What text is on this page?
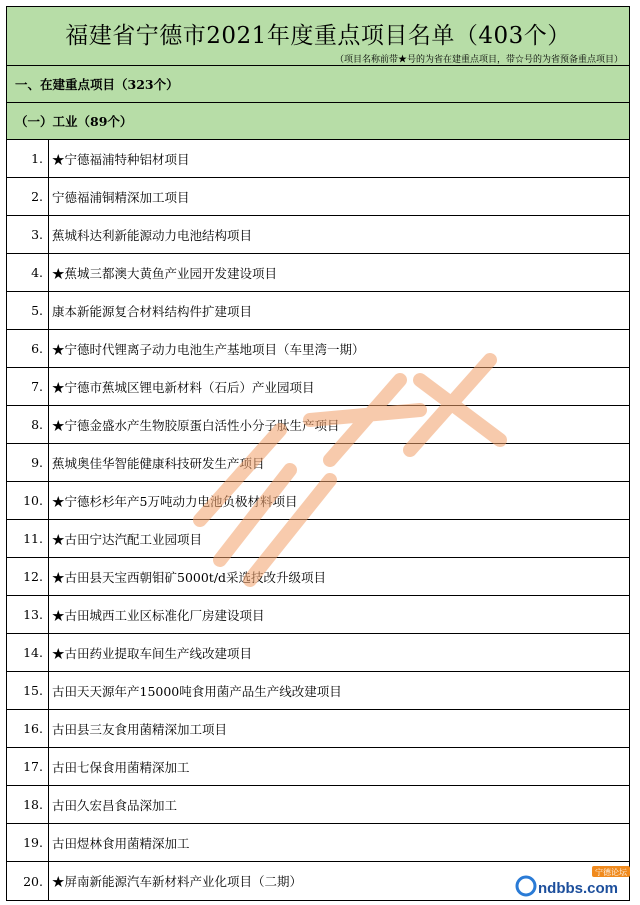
福建省宁德市2021年度重点项目名单（403个）
（项目名称前带★号的为省在建重点项目，带☆号的为省预备重点项目）
一、在建重点项目（323个）
（一）工业（89个）
1. ★宁德福浦特种铝材项目
2. 宁德福浦铜精深加工项目
3. 蕉城科达利新能源动力电池结构项目
4. ★蕉城三都澳大黄鱼产业园开发建设项目
5. 康本新能源复合材料结构件扩建项目
6. ★宁德时代锂离子动力电池生产基地项目（车里湾一期）
7. ★宁德市蕉城区锂电新材料（石后）产业园项目
8. ★宁德金盛水产生物胶原蛋白活性小分子肽生产项目
9. 蕉城奥佳华智能健康科技研发生产项目
10. ★宁德杉杉年产5万吨动力电池负极材料项目
11. ★古田宁达汽配工业园项目
12. ★古田县天宝西朝钼矿5000t/d采选技改升级项目
13. ★古田城西工业区标准化厂房建设项目
14. ★古田药业提取车间生产线改建项目
15. 古田天天源年产15000吨食用菌产品生产线改建项目
16. 古田县三友食用菌精深加工项目
17. 古田七保食用菌精深加工
18. 古田久宏昌食品深加工
19. 古田煜林食用菌精深加工
20. ★屏南新能源汽车新材料产业化项目（二期）	ndbbs.com
宁德论坛
